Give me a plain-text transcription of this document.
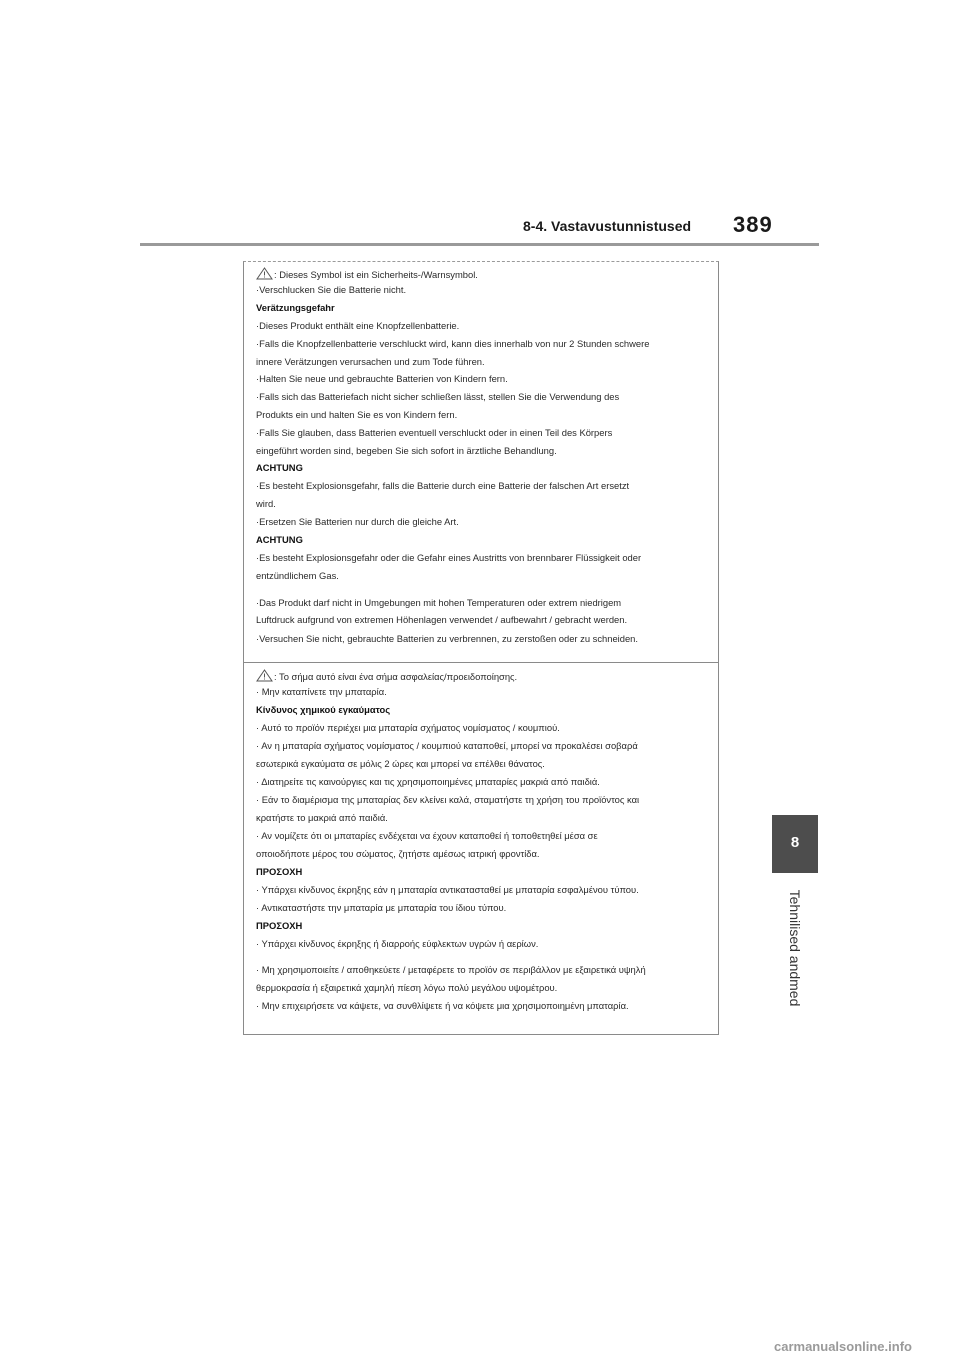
8-4. Vastavustunnistused 389
8
Tehnilised andmed
: Dieses Symbol ist ein Sicherheits-/Warnsymbol.
·Verschlucken Sie die Batterie nicht.
Verätzungsgefahr
·Dieses Produkt enthält eine Knopfzellenbatterie.
·Falls die Knopfzellenbatterie verschluckt wird, kann dies innerhalb von nur 2 Stunden schwere
innere Verätzungen verursachen und zum Tode führen.
·Halten Sie neue und gebrauchte Batterien von Kindern fern.
·Falls sich das Batteriefach nicht sicher schließen lässt, stellen Sie die Verwendung des
Produkts ein und halten Sie es von Kindern fern.
·Falls Sie glauben, dass Batterien eventuell verschluckt oder in einen Teil des Körpers
eingeführt worden sind, begeben Sie sich sofort in ärztliche Behandlung.
ACHTUNG
·Es besteht Explosionsgefahr, falls die Batterie durch eine Batterie der falschen Art ersetzt
wird.
·Ersetzen Sie Batterien nur durch die gleiche Art.
ACHTUNG
·Es besteht Explosionsgefahr oder die Gefahr eines Austritts von brennbarer Flüssigkeit oder
entzündlichem Gas.
·Das Produkt darf nicht in Umgebungen mit hohen Temperaturen oder extrem niedrigem
Luftdruck aufgrund von extremen Höhenlagen verwendet / aufbewahrt / gebracht werden.
·Versuchen Sie nicht, gebrauchte Batterien zu verbrennen, zu zerstoßen oder zu schneiden.
: Το σήμα αυτό είναι ένα σήμα ασφαλείας/προειδοποίησης.
· Μην καταπίνετε την μπαταρία.
Κίνδυνος χημικού εγκαύματος
· Αυτό το προϊόν περιέχει μια μπαταρία σχήματος νομίσματος / κουμπιού.
· Αν η μπαταρία σχήματος νομίσματος / κουμπιού καταποθεί, μπορεί να προκαλέσει σοβαρά
εσωτερικά εγκαύματα σε μόλις 2 ώρες και μπορεί να επέλθει θάνατος.
· Διατηρείτε τις καινούργιες και τις χρησιμοποιημένες μπαταρίες μακριά από παιδιά.
· Εάν το διαμέρισμα της μπαταρίας δεν κλείνει καλά, σταματήστε τη χρήση του προϊόντος και
κρατήστε το μακριά από παιδιά.
· Αν νομίζετε ότι οι μπαταρίες ενδέχεται να έχουν καταποθεί ή τοποθετηθεί μέσα σε
οποιοδήποτε μέρος του σώματος, ζητήστε αμέσως ιατρική φροντίδα.
ΠΡΟΣΟΧΗ
· Υπάρχει κίνδυνος έκρηξης εάν η μπαταρία αντικατασταθεί με μπαταρία εσφαλμένου τύπου.
· Αντικαταστήστε την μπαταρία με μπαταρία του ίδιου τύπου.
ΠΡΟΣΟΧΗ
· Υπάρχει κίνδυνος έκρηξης ή διαρροής εύφλεκτων υγρών ή αερίων.
· Μη χρησιμοποιείτε / αποθηκεύετε / μεταφέρετε το προϊόν σε περιβάλλον με εξαιρετικά υψηλή
θερμοκρασία ή εξαιρετικά χαμηλή πίεση λόγω πολύ μεγάλου υψομέτρου.
· Μην επιχειρήσετε να κάψετε, να συνθλίψετε ή να κόψετε μια χρησιμοποιημένη μπαταρία.
carmanualsonline.info
